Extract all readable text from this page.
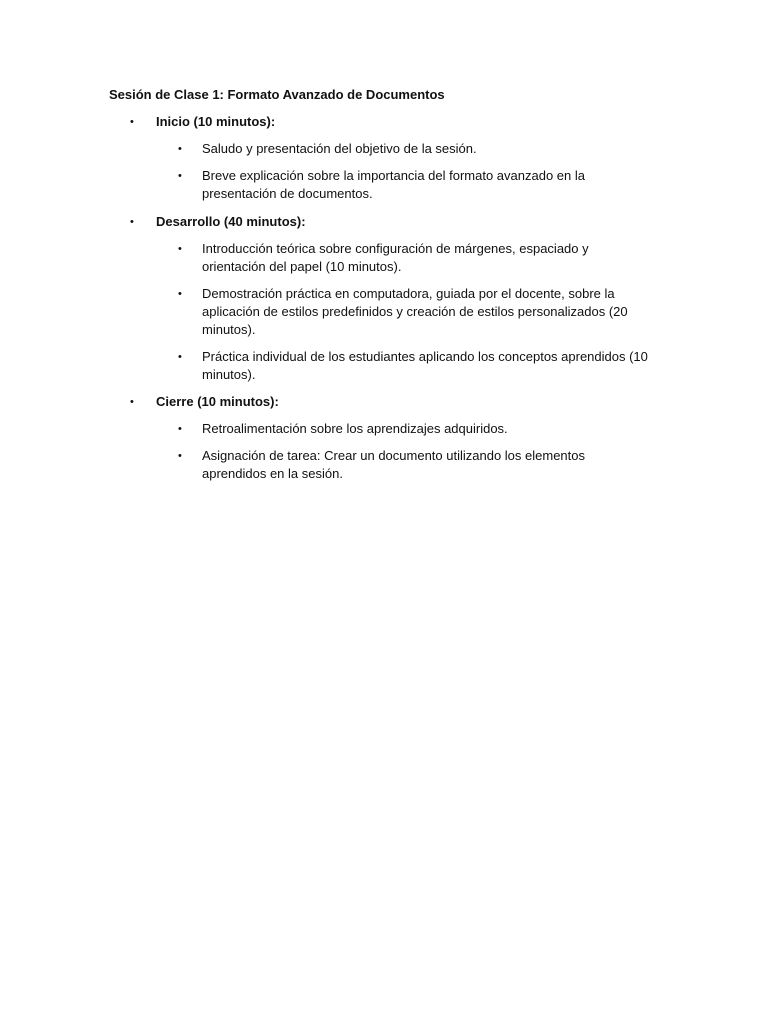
Sesión de Clase 1: Formato Avanzado de Documentos
• Inicio (10 minutos):
• Saludo y presentación del objetivo de la sesión.
• Breve explicación sobre la importancia del formato avanzado en la presentación de documentos.
• Desarrollo (40 minutos):
• Introducción teórica sobre configuración de márgenes, espaciado y orientación del papel (10 minutos).
• Demostración práctica en computadora, guiada por el docente, sobre la aplicación de estilos predefinidos y creación de estilos personalizados (20 minutos).
• Práctica individual de los estudiantes aplicando los conceptos aprendidos (10 minutos).
• Cierre (10 minutos):
• Retroalimentación sobre los aprendizajes adquiridos.
• Asignación de tarea: Crear un documento utilizando los elementos aprendidos en la sesión.
